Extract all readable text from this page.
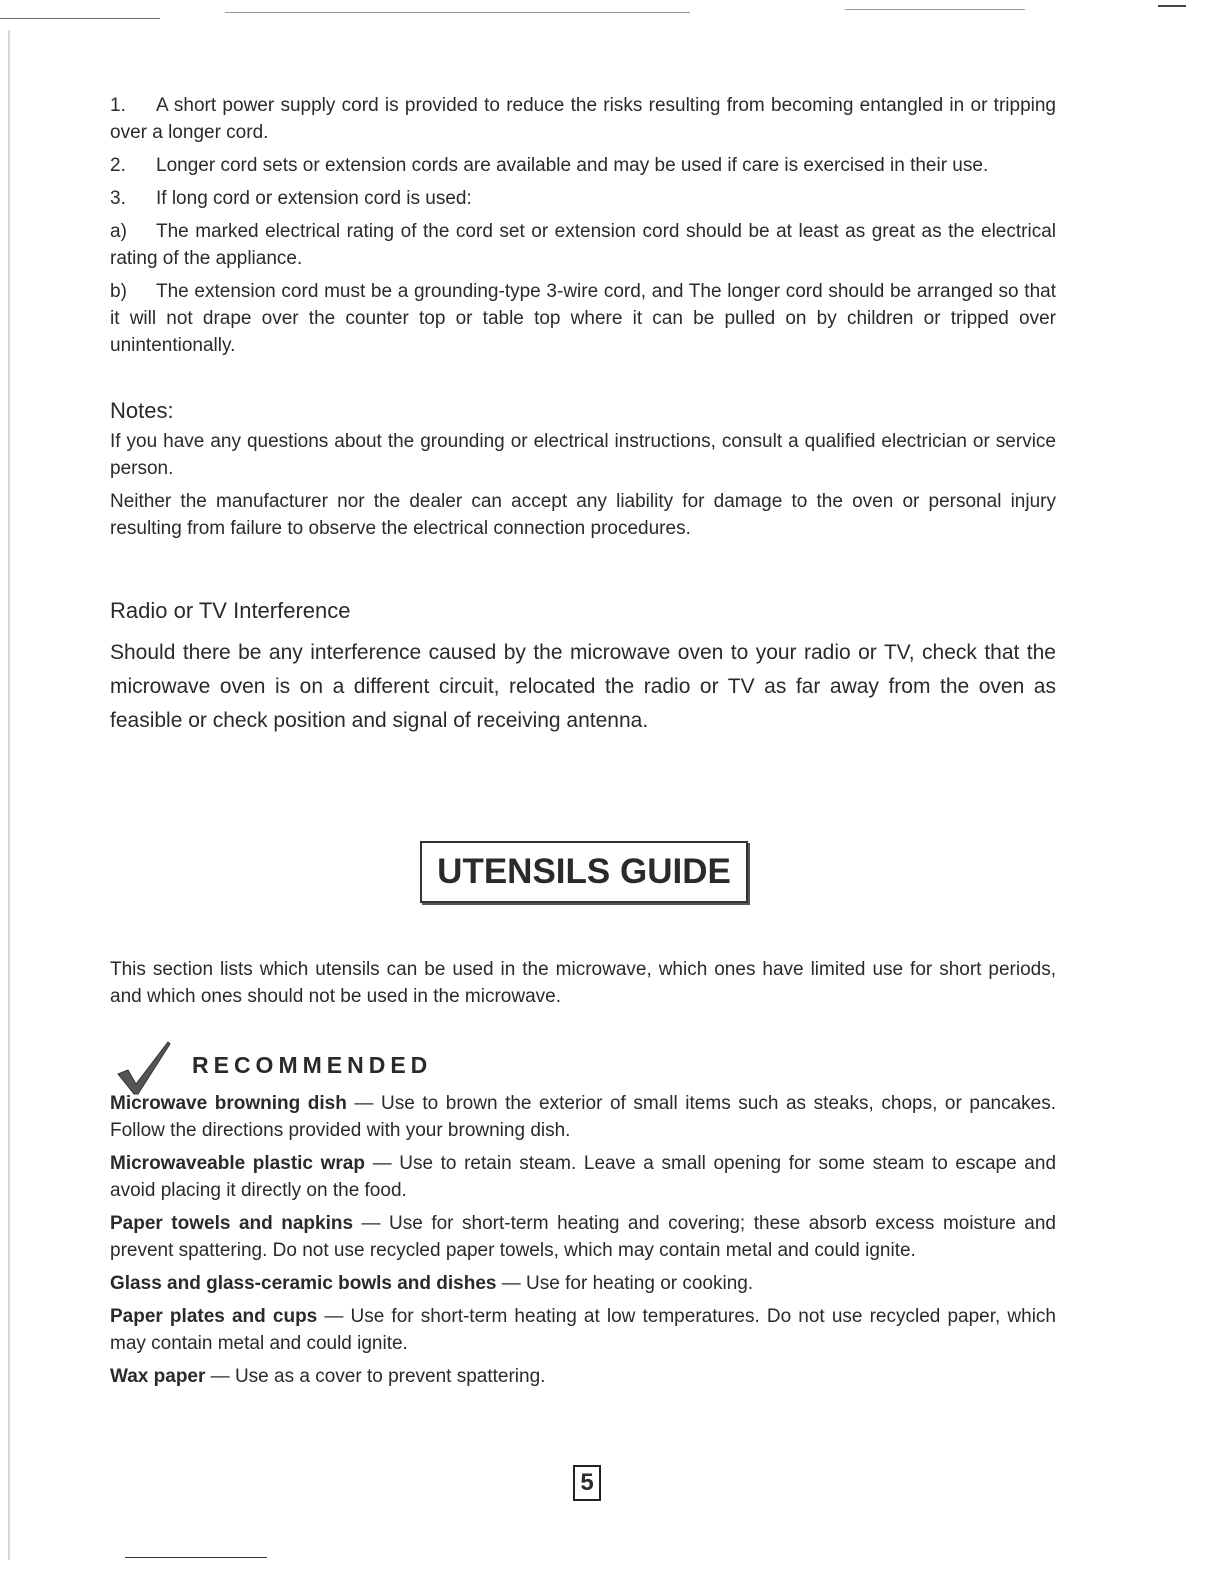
1. A short power supply cord is provided to reduce the risks resulting from becoming entangled in or tripping over a longer cord.

2. Longer cord sets or extension cords are available and may be used if care is exercised in their use.

3. If long cord or extension cord is used:

a) The marked electrical rating of the cord set or extension cord should be at least as great as the electrical rating of the appliance.

b) The extension cord must be a grounding-type 3-wire cord, and The longer cord should be arranged so that it will not drape over the counter top or table top where it can be pulled on by children or tripped over unintentionally.

Notes:

If you have any questions about the grounding or electrical instructions, consult a qualified electrician or service person.

Neither the manufacturer nor the dealer can accept any liability for damage to the oven or personal injury resulting from failure to observe the electrical connection procedures.

Radio or TV Interference

Should there be any interference caused by the microwave oven to your radio or TV, check that the microwave oven is on a different circuit, relocated the radio or TV as far away from the oven as feasible or check position and signal of receiving antenna.

UTENSILS GUIDE

This section lists which utensils can be used in the microwave, which ones have limited use for short periods, and which ones should not be used in the microwave.

RECOMMENDED

Microwave browning dish — Use to brown the exterior of small items such as steaks, chops, or pancakes. Follow the directions provided with your browning dish.

Microwaveable plastic wrap — Use to retain steam. Leave a small opening for some steam to escape and avoid placing it directly on the food.

Paper towels and napkins — Use for short-term heating and covering; these absorb excess moisture and prevent spattering. Do not use recycled paper towels, which may contain metal and could ignite.

Glass and glass-ceramic bowls and dishes — Use for heating or cooking.

Paper plates and cups — Use for short-term heating at low temperatures. Do not use recycled paper, which may contain metal and could ignite.

Wax paper — Use as a cover to prevent spattering.

5
